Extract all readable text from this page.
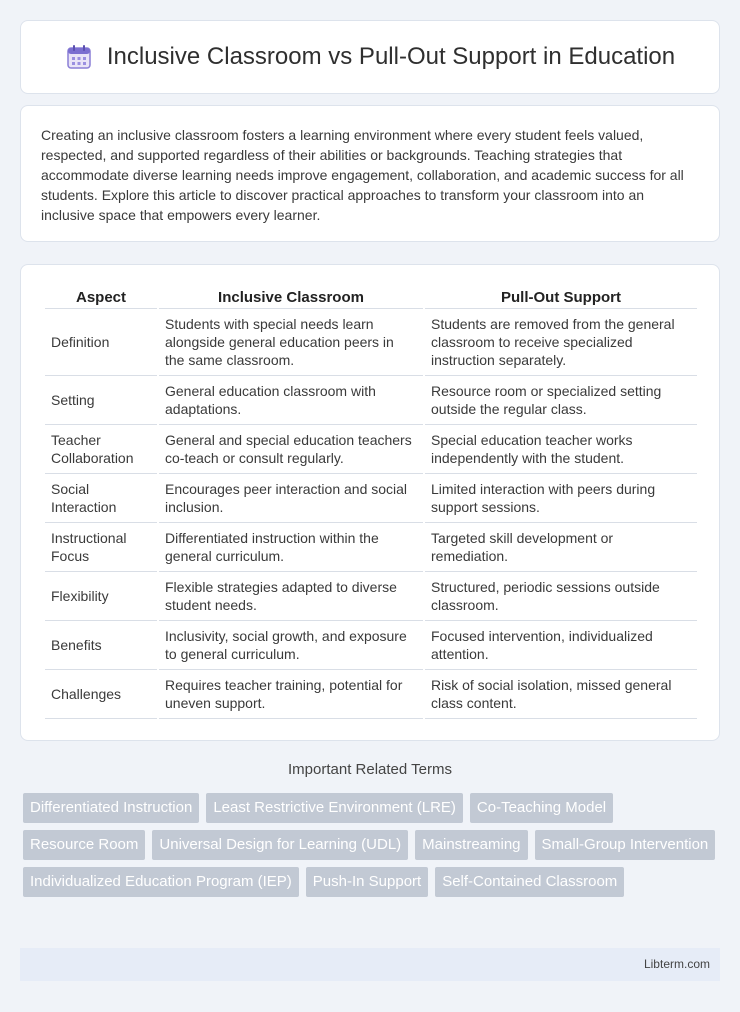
Inclusive Classroom vs Pull-Out Support in Education

Creating an inclusive classroom fosters a learning environment where every student feels valued, respected, and supported regardless of their abilities or backgrounds. Teaching strategies that accommodate diverse learning needs improve engagement, collaboration, and academic success for all students. Explore this article to discover practical approaches to transform your classroom into an inclusive space that empowers every learner.

Aspect	Inclusive Classroom	Pull-Out Support
Definition	Students with special needs learn alongside general education peers in the same classroom.	Students are removed from the general classroom to receive specialized instruction separately.
Setting	General education classroom with adaptations.	Resource room or specialized setting outside the regular class.
Teacher Collaboration	General and special education teachers co-teach or consult regularly.	Special education teacher works independently with the student.
Social Interaction	Encourages peer interaction and social inclusion.	Limited interaction with peers during support sessions.
Instructional Focus	Differentiated instruction within the general curriculum.	Targeted skill development or remediation.
Flexibility	Flexible strategies adapted to diverse student needs.	Structured, periodic sessions outside classroom.
Benefits	Inclusivity, social growth, and exposure to general curriculum.	Focused intervention, individualized attention.
Challenges	Requires teacher training, potential for uneven support.	Risk of social isolation, missed general class content.
Important Related Terms
Differentiated Instruction	Least Restrictive Environment (LRE)	Co-Teaching Model
Resource Room	Universal Design for Learning (UDL)	Mainstreaming	Small-Group Intervention
Individualized Education Program (IEP)	Push-In Support	Self-Contained Classroom
Libterm.com
